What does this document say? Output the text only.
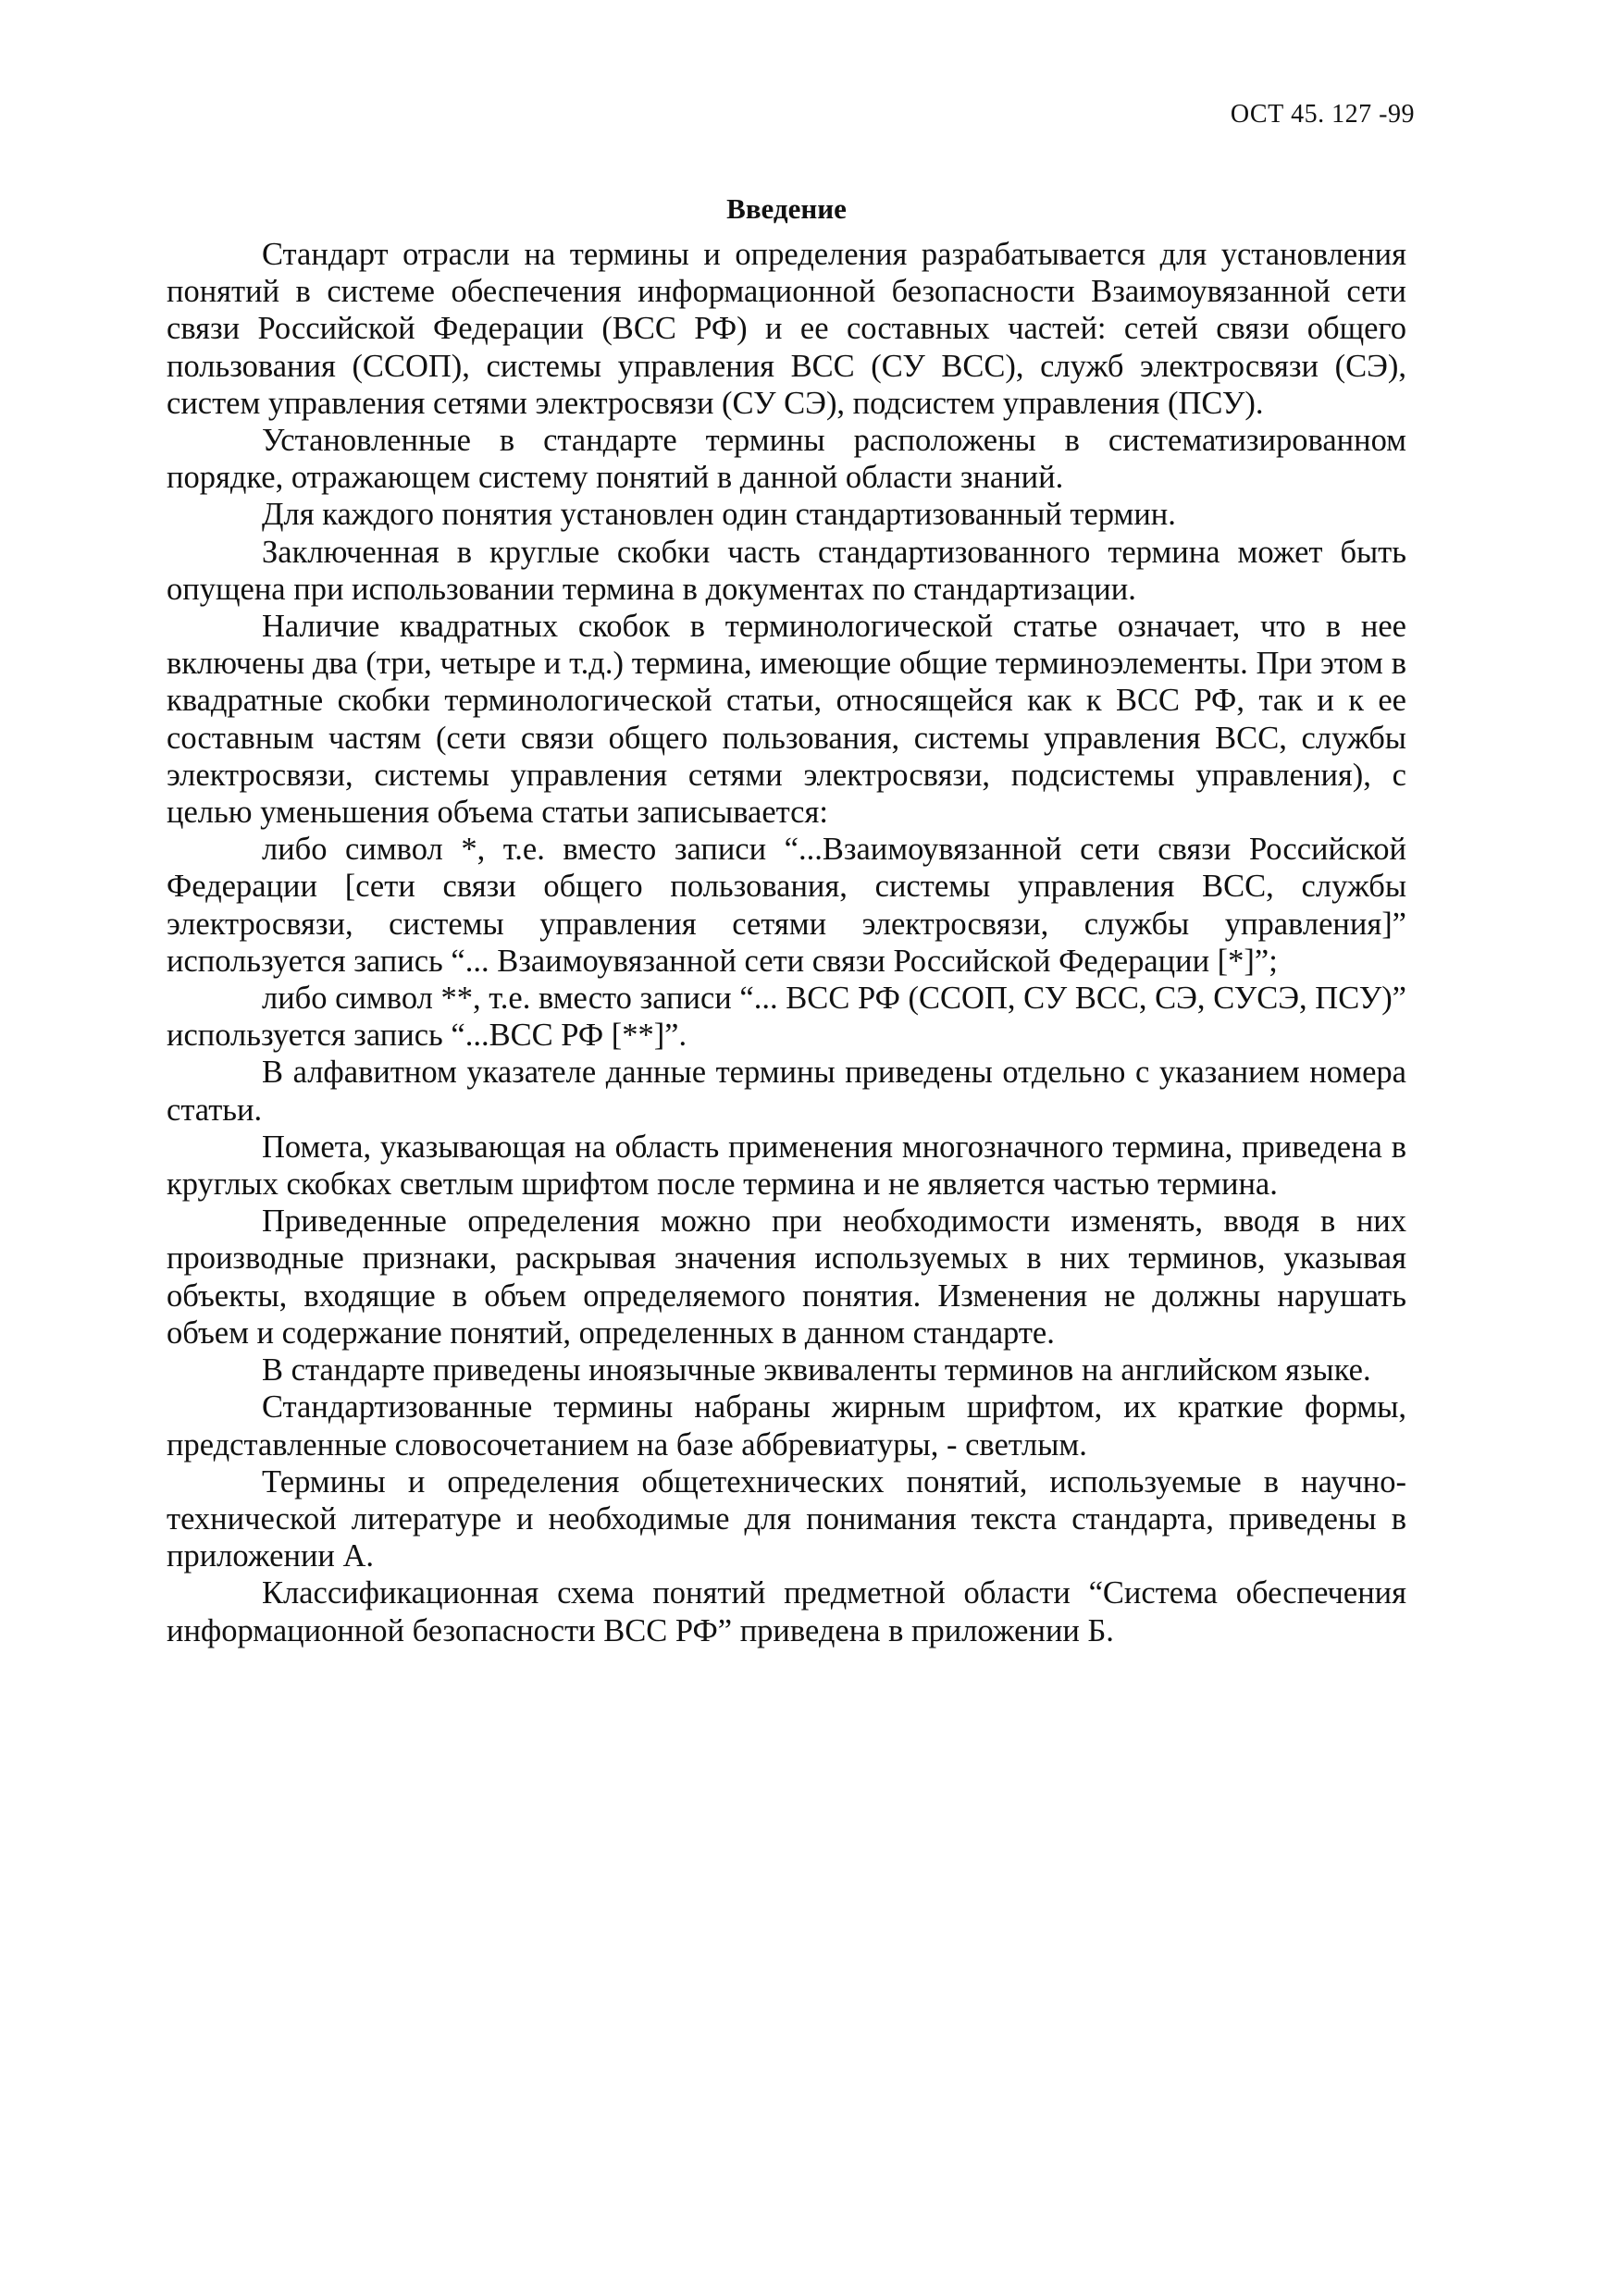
ОСТ 45. 127 -99
Введение

Стандарт отрасли на термины и определения разрабатывается для установления понятий в системе обеспечения информационной безопасности Взаимоувязанной сети связи Российской Федерации (ВСС РФ) и ее составных частей: сетей связи общего пользования (ССОП), системы управления ВСС (СУ ВСС), служб электросвязи (СЭ), систем управления сетями электросвязи (СУ СЭ), подсистем управления (ПСУ).

Установленные в стандарте термины расположены в систематизированном порядке, отражающем систему понятий в данной области знаний.

Для каждого понятия установлен один стандартизованный термин.

Заключенная в круглые скобки часть стандартизованного термина может быть опущена при использовании термина в документах по стандартизации.

Наличие квадратных скобок в терминологической статье означает, что в нее включены два (три, четыре и т.д.) термина, имеющие общие терминоэлементы. При этом в квадратные скобки терминологической статьи, относящейся как к ВСС РФ, так и к ее составным частям (сети связи общего пользования, системы управления ВСС, службы электросвязи, системы управления сетями электросвязи, подсистемы управления), с целью уменьшения объема статьи записывается:

либо символ *, т.е. вместо записи “...Взаимоувязанной сети связи Российской Федерации [сети связи общего пользования, системы управления ВСС, службы электросвязи, системы управления сетями электросвязи, службы управления]” используется запись “... Взаимоувязанной сети связи Российской Федерации [*]”;

либо символ **, т.е. вместо записи “... ВСС РФ (ССОП, СУ ВСС, СЭ, СУСЭ, ПСУ)” используется запись “...ВСС РФ [**]”.

В алфавитном указателе данные термины приведены отдельно с указанием номера статьи.

Помета, указывающая на область применения многозначного термина, приведена в круглых скобках светлым шрифтом после термина и не является частью термина.

Приведенные определения можно при необходимости изменять, вводя в них производные признаки, раскрывая значения используемых в них терминов, указывая объекты, входящие в объем определяемого понятия. Изменения не должны нарушать объем и содержание понятий, определенных в данном стандарте.

В стандарте приведены иноязычные эквиваленты терминов на английском языке.

Стандартизованные термины набраны жирным шрифтом, их краткие формы, представленные словосочетанием на базе аббревиатуры, - светлым.

Термины и определения общетехнических понятий, используемые в научно-технической литературе и необходимые для понимания текста стандарта, приведены в приложении А.

Классификационная схема понятий предметной области “Система обеспечения информационной безопасности ВСС РФ” приведена в приложении Б.
